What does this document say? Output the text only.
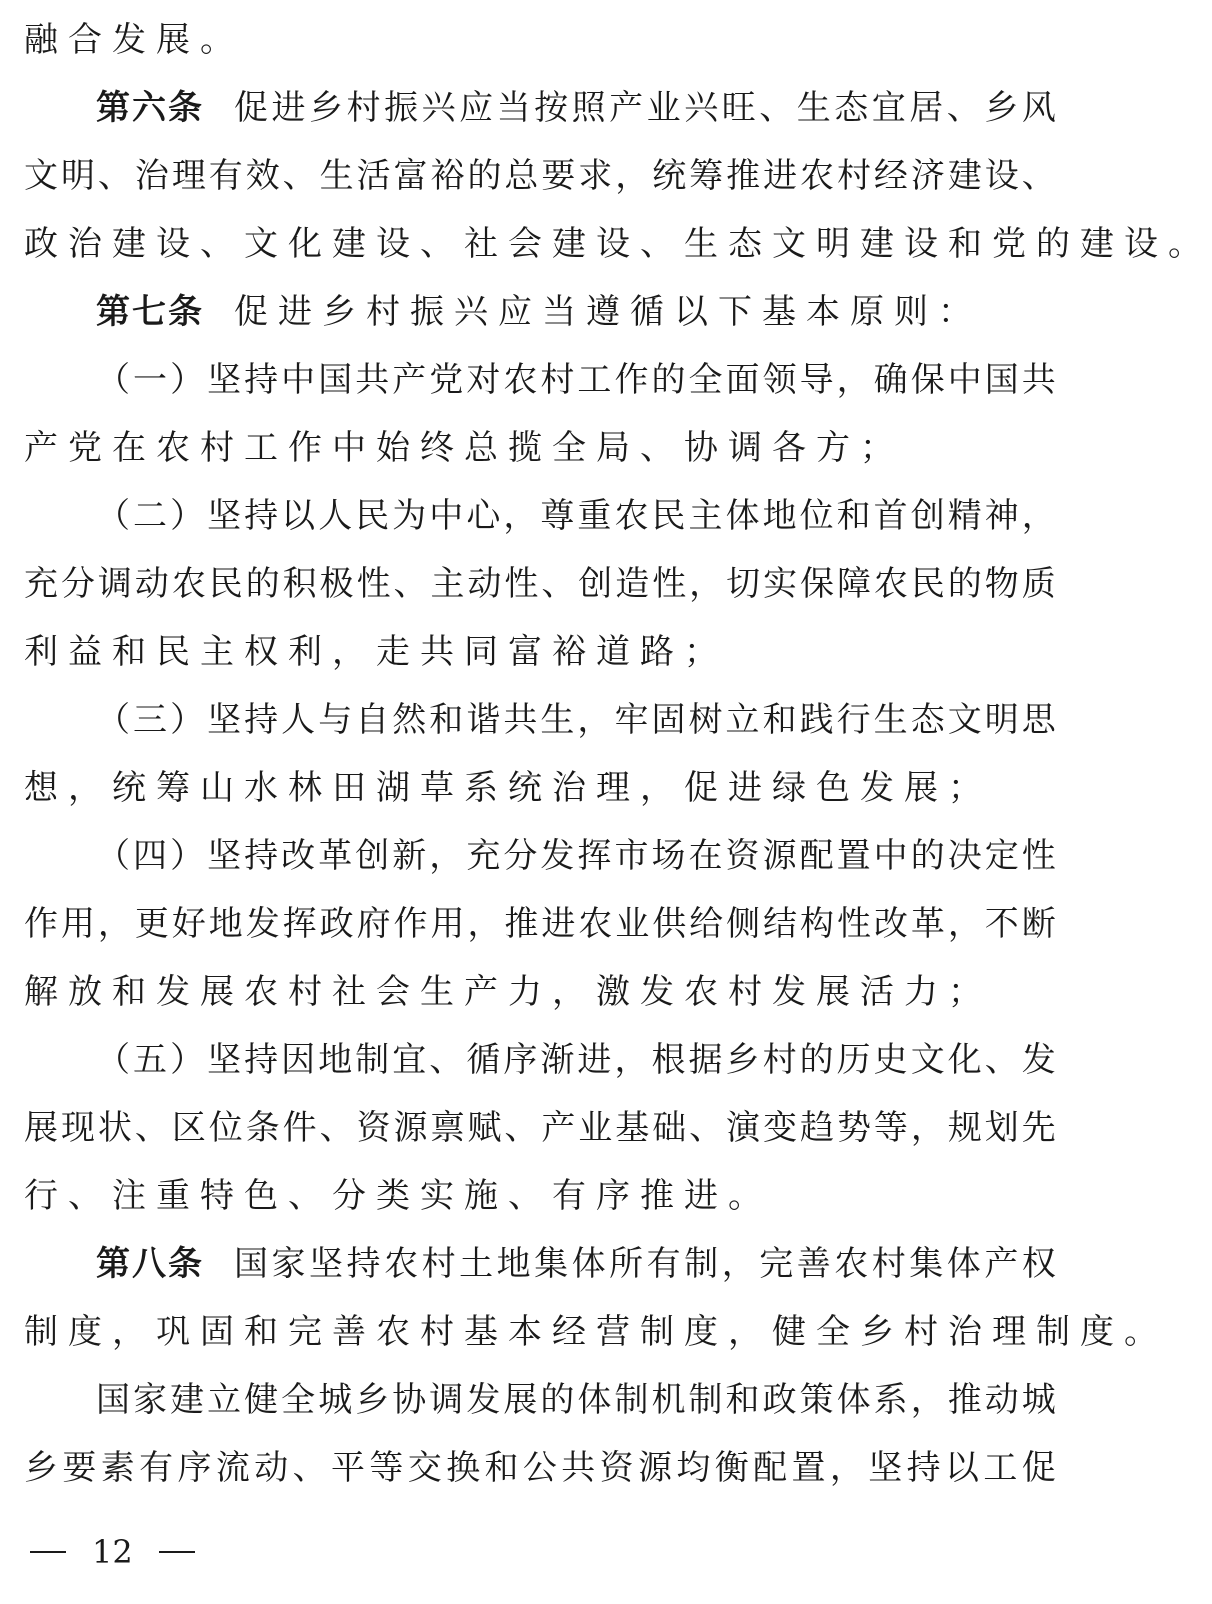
融合发展。
第六条 促 进 乡 村 振 兴 应 当 按 照 产 业 兴 旺 、 生 态 宜 居 、 乡 风
文 明 、 治 理 有 效 、 生 活 富 裕 的 总 要 求 ， 统 筹 推 进 农 村 经 济 建 设 、
政治建设、文化建设、社会建设、生态文明建设和党的建设。
第七条 促进乡村振兴应当遵循以下基本原则：
（ 一 ） 坚 持 中 国 共 产 党 对 农 村 工 作 的 全 面 领 导 ， 确 保 中 国 共
产党在农村工作中始终总揽全局、协调各方；
（ 二 ） 坚 持 以 人 民 为 中 心 ， 尊 重 农 民 主 体 地 位 和 首 创 精 神 ，
充 分 调 动 农 民 的 积 极 性 、 主 动 性 、 创 造 性 ， 切 实 保 障 农 民 的 物 质
利益和民主权利，走共同富裕道路；
（ 三 ） 坚 持 人 与 自 然 和 谐 共 生 ， 牢 固 树 立 和 践 行 生 态 文 明 思
想，统筹山水林田湖草系统治理，促进绿色发展；
（ 四 ） 坚 持 改 革 创 新 ， 充 分 发 挥 市 场 在 资 源 配 置 中 的 决 定 性
作 用 ， 更 好 地 发 挥 政 府 作 用 ， 推 进 农 业 供 给 侧 结 构 性 改 革 ， 不 断
解放和发展农村社会生产力，激发农村发展活力；
（ 五 ） 坚 持 因 地 制 宜 、 循 序 渐 进 ， 根 据 乡 村 的 历 史 文 化 、 发
展 现 状 、 区 位 条 件 、 资 源 禀 赋 、 产 业 基 础 、 演 变 趋 势 等 ， 规 划 先
行、注重特色、分类实施、有序推进。
第八条 国 家 坚 持 农 村 土 地 集 体 所 有 制 ， 完 善 农 村 集 体 产 权
制度，巩固和完善农村基本经营制度，健全乡村治理制度。
国 家 建 立 健 全 城 乡 协 调 发 展 的 体 制 机 制 和 政 策 体 系 ， 推 动 城
乡 要 素 有 序 流 动 、 平 等 交 换 和 公 共 资 源 均 衡 配 置 ， 坚 持 以 工 促
12
